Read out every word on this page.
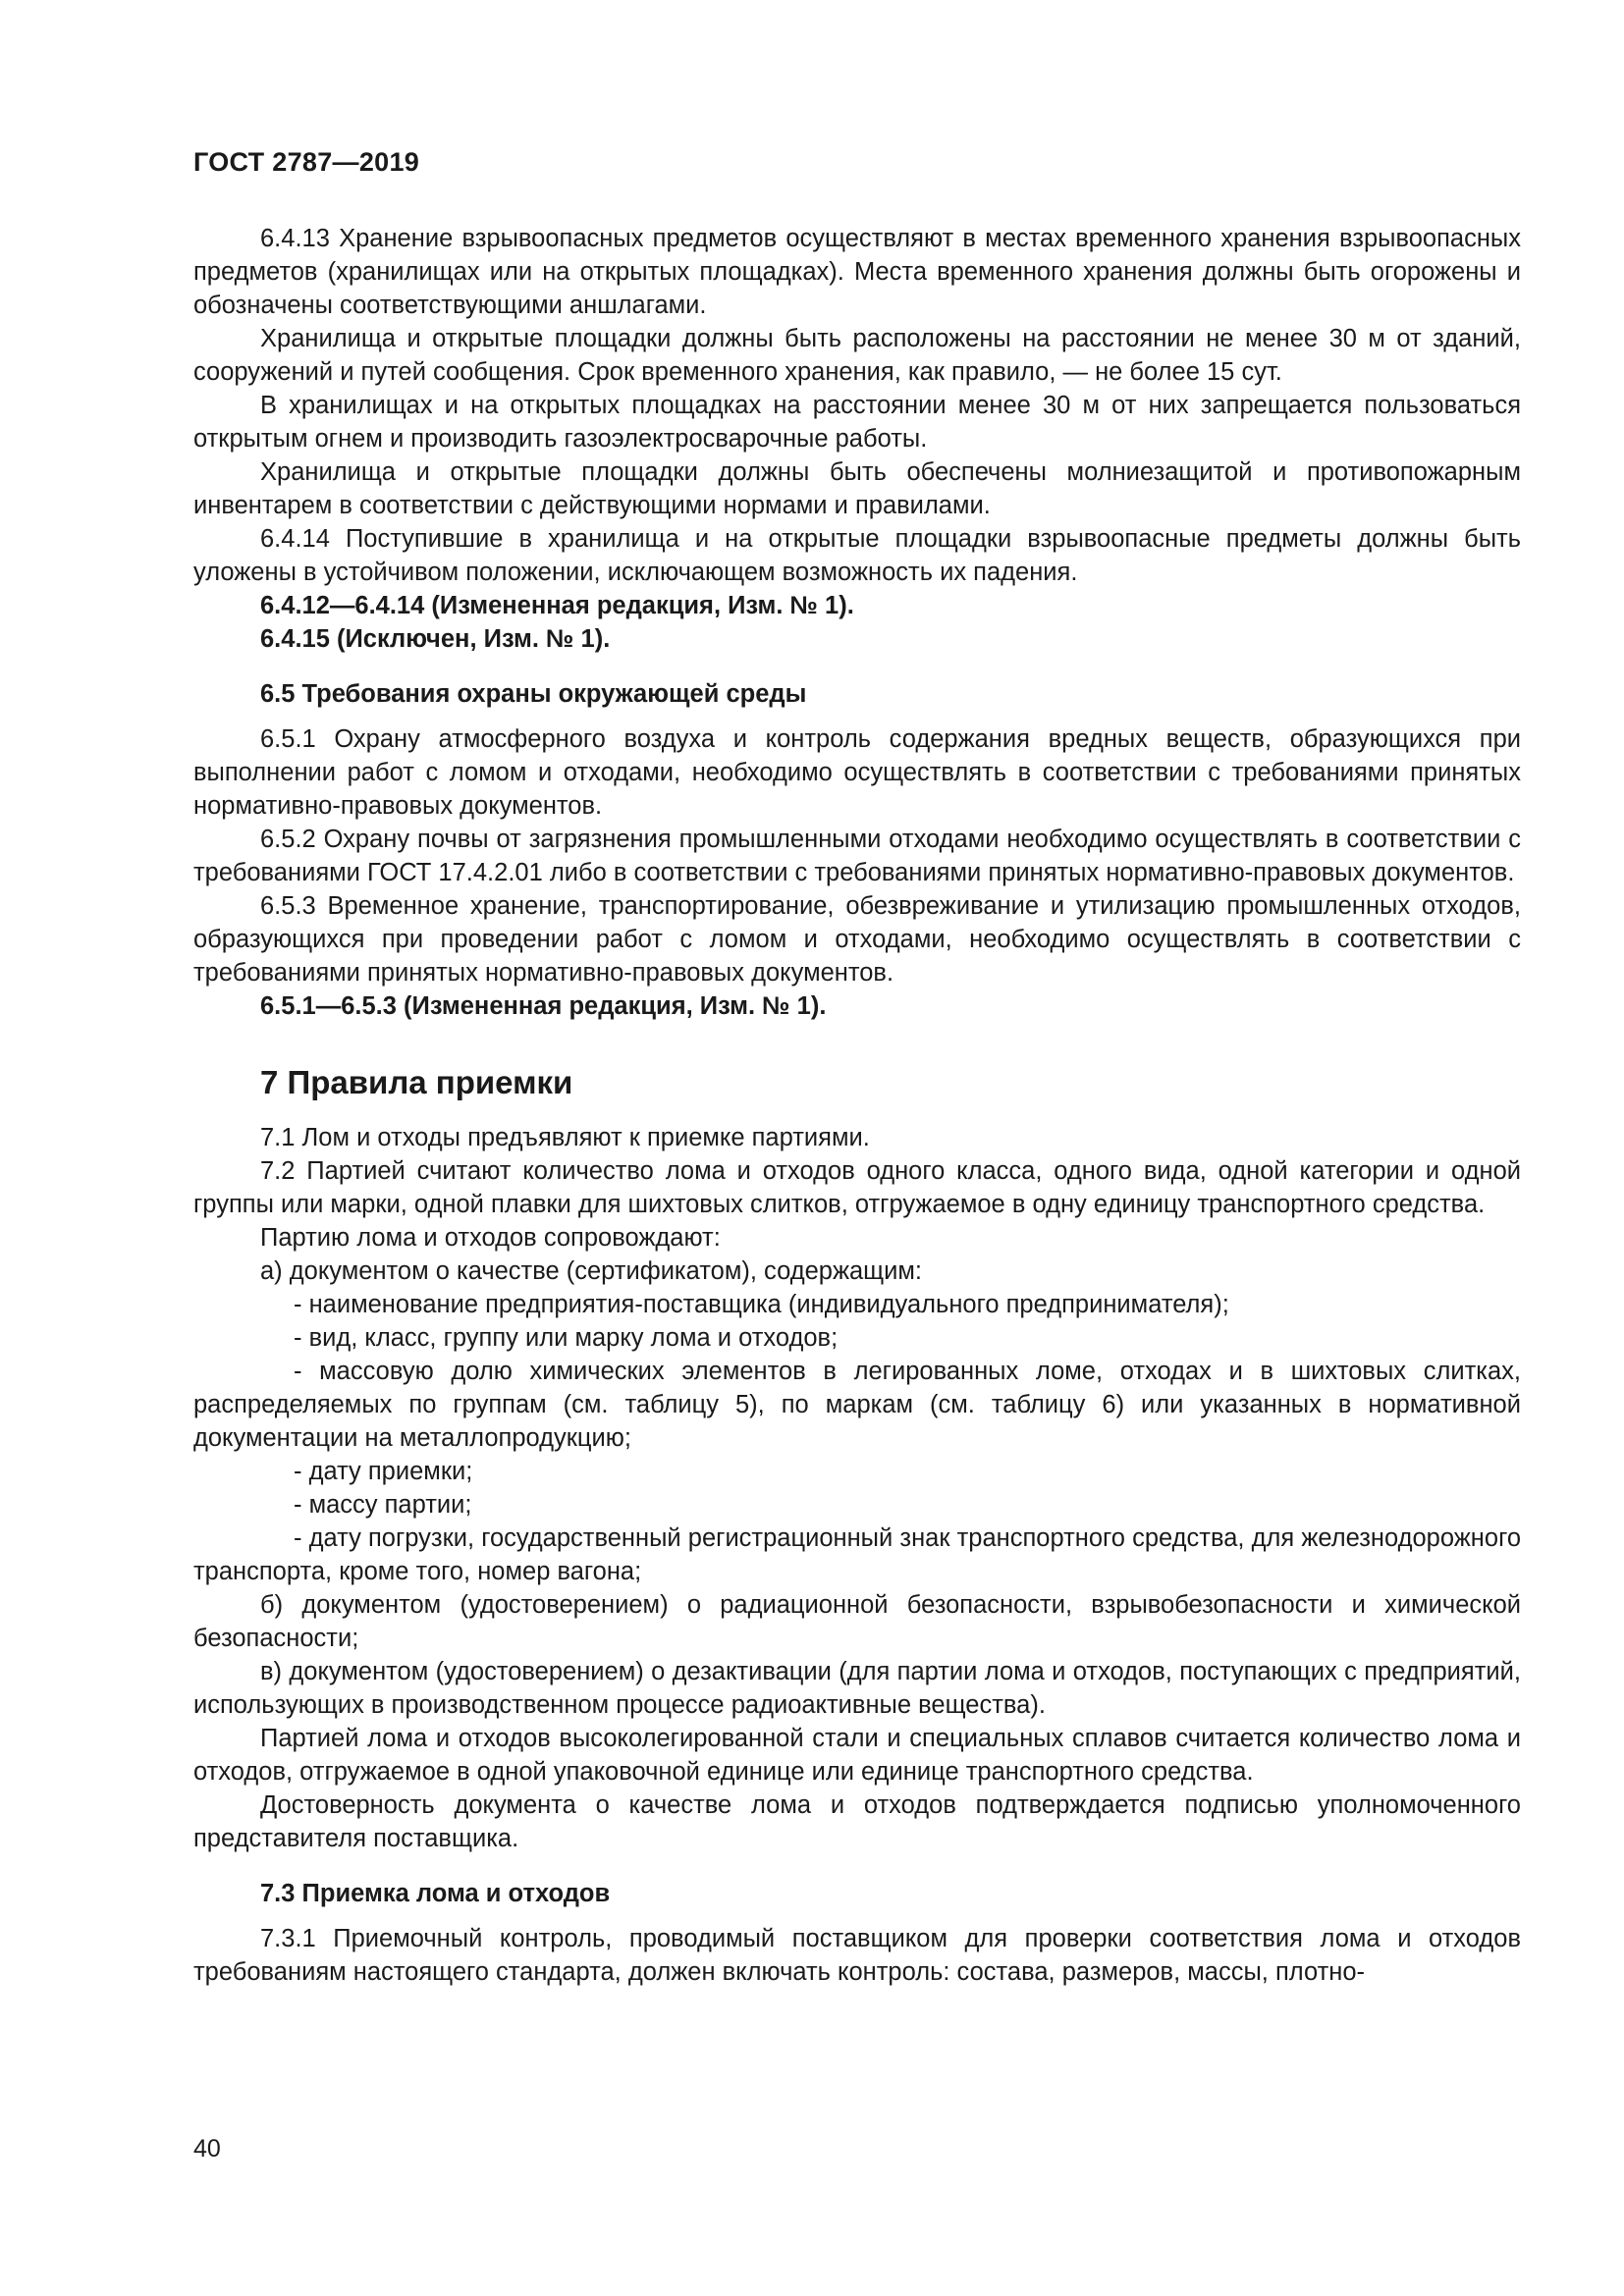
ГОСТ 2787—2019

6.4.13 Хранение взрывоопасных предметов осуществляют в местах временного хранения взрывоопасных предметов (хранилищах или на открытых площадках). Места временного хранения должны быть огорожены и обозначены соответствующими аншлагами.

Хранилища и открытые площадки должны быть расположены на расстоянии не менее 30 м от зданий, сооружений и путей сообщения. Срок временного хранения, как правило, — не более 15 сут.

В хранилищах и на открытых площадках на расстоянии менее 30 м от них запрещается пользоваться открытым огнем и производить газоэлектросварочные работы.

Хранилища и открытые площадки должны быть обеспечены молниезащитой и противопожарным инвентарем в соответствии с действующими нормами и правилами.

6.4.14 Поступившие в хранилища и на открытые площадки взрывоопасные предметы должны быть уложены в устойчивом положении, исключающем возможность их падения.

6.4.12—6.4.14 (Измененная редакция, Изм. № 1).

6.4.15 (Исключен, Изм. № 1).

6.5 Требования охраны окружающей среды

6.5.1 Охрану атмосферного воздуха и контроль содержания вредных веществ, образующихся при выполнении работ с ломом и отходами, необходимо осуществлять в соответствии с требованиями принятых нормативно-правовых документов.

6.5.2 Охрану почвы от загрязнения промышленными отходами необходимо осуществлять в соответствии с требованиями ГОСТ 17.4.2.01 либо в соответствии с требованиями принятых нормативно-правовых документов.

6.5.3 Временное хранение, транспортирование, обезвреживание и утилизацию промышленных отходов, образующихся при проведении работ с ломом и отходами, необходимо осуществлять в соответствии с требованиями принятых нормативно-правовых документов.

6.5.1—6.5.3 (Измененная редакция, Изм. № 1).

7 Правила приемки

7.1 Лом и отходы предъявляют к приемке партиями.

7.2 Партией считают количество лома и отходов одного класса, одного вида, одной категории и одной группы или марки, одной плавки для шихтовых слитков, отгружаемое в одну единицу транспортного средства.

Партию лома и отходов сопровождают:

а) документом о качестве (сертификатом), содержащим:

- наименование предприятия-поставщика (индивидуального предпринимателя);

- вид, класс, группу или марку лома и отходов;

- массовую долю химических элементов в легированных ломе, отходах и в шихтовых слитках, распределяемых по группам (см. таблицу 5), по маркам (см. таблицу 6) или указанных в нормативной документации на металлопродукцию;

- дату приемки;

- массу партии;

- дату погрузки, государственный регистрационный знак транспортного средства, для железнодорожного транспорта, кроме того, номер вагона;

б) документом (удостоверением) о радиационной безопасности, взрывобезопасности и химической безопасности;

в) документом (удостоверением) о дезактивации (для партии лома и отходов, поступающих с предприятий, использующих в производственном процессе радиоактивные вещества).

Партией лома и отходов высоколегированной стали и специальных сплавов считается количество лома и отходов, отгружаемое в одной упаковочной единице или единице транспортного средства.

Достоверность документа о качестве лома и отходов подтверждается подписью уполномоченного представителя поставщика.

7.3 Приемка лома и отходов

7.3.1 Приемочный контроль, проводимый поставщиком для проверки соответствия лома и отходов требованиям настоящего стандарта, должен включать контроль: состава, размеров, массы, плотно-

40
